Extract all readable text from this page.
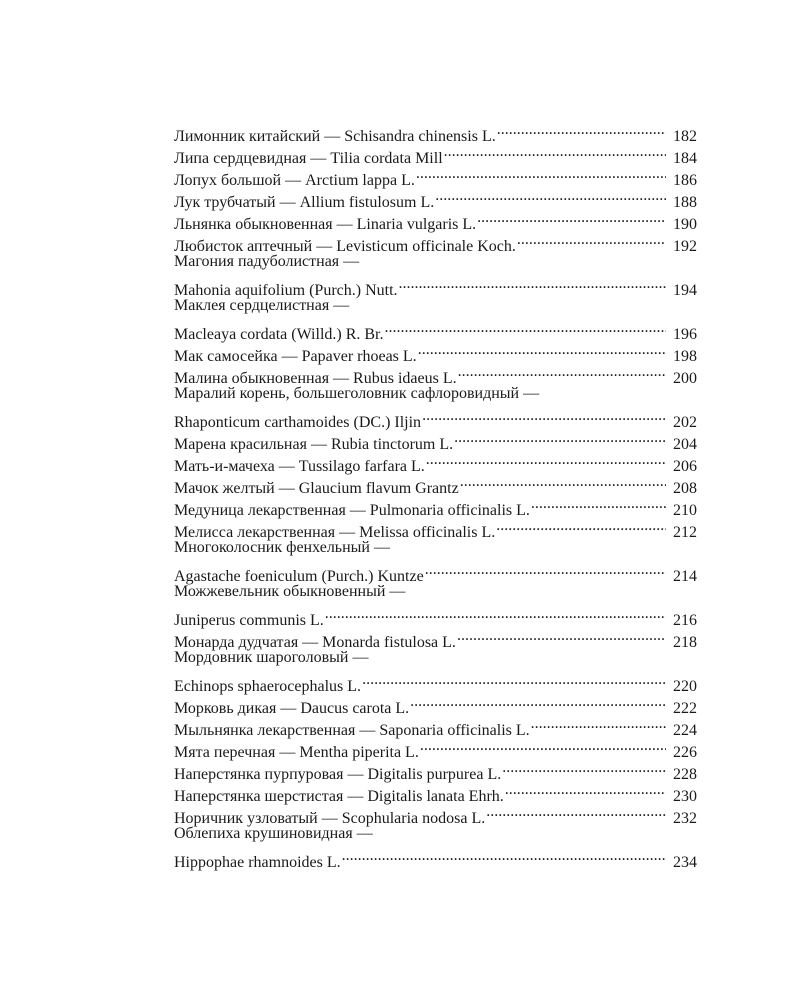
Лимонник китайский — Schisandra chinensis L. . . .	182
Липа сердцевидная — Tilia cordata Mill . . .	184
Лопух большой — Arctium lappa L. . . .	186
Лук трубчатый — Allium fistulosum L. . . .	188
Льнянка обыкновенная — Linaria vulgaris L. . . .	190
Любисток аптечный — Levisticum officinale Koch. . . .	192
Магония падуболистная —
Mahonia aquifolium (Purch.) Nutt. . . .	194
Маклея сердцелистная —
Macleaya cordata (Willd.) R. Br. . . .	196
Мак самосейка — Papaver rhoeas L. . . .	198
Малина обыкновенная — Rubus idaeus L. . . .	200
Маралий корень, большеголовник сафлоровидный —
Rhaponticum carthamoides (DC.) Iljin . . .	202
Марена красильная — Rubia tinctorum L. . . .	204
Мать-и-мачеха — Tussilago farfara L. . . .	206
Мачок желтый — Glaucium flavum Grantz . . .	208
Медуница лекарственная — Pulmonaria officinalis L. . . .	210
Мелисса лекарственная — Melissa officinalis L. . . .	212
Многоколосник фенхельный —
Agastache foeniculum (Purch.) Kuntze . . .	214
Можжевельник обыкновенный —
Juniperus communis L. . . .	216
Монарда дудчатая — Monarda fistulosa L. . . .	218
Мордовник шароголовый —
Echinops sphaerocephalus L. . . .	220
Морковь дикая — Daucus carota L. . . .	222
Мыльнянка лекарственная — Saponaria officinalis L. . . .	224
Мята перечная — Mentha piperita L. . . .	226
Наперстянка пурпуровая — Digitalis purpurea L. . . .	228
Наперстянка шерстистая — Digitalis lanata Ehrh. . . .	230
Норичник узловатый — Scophularia nodosa L. . . .	232
Облепиха крушиновидная —
Hippophae rhamnoides L. . . .	234
